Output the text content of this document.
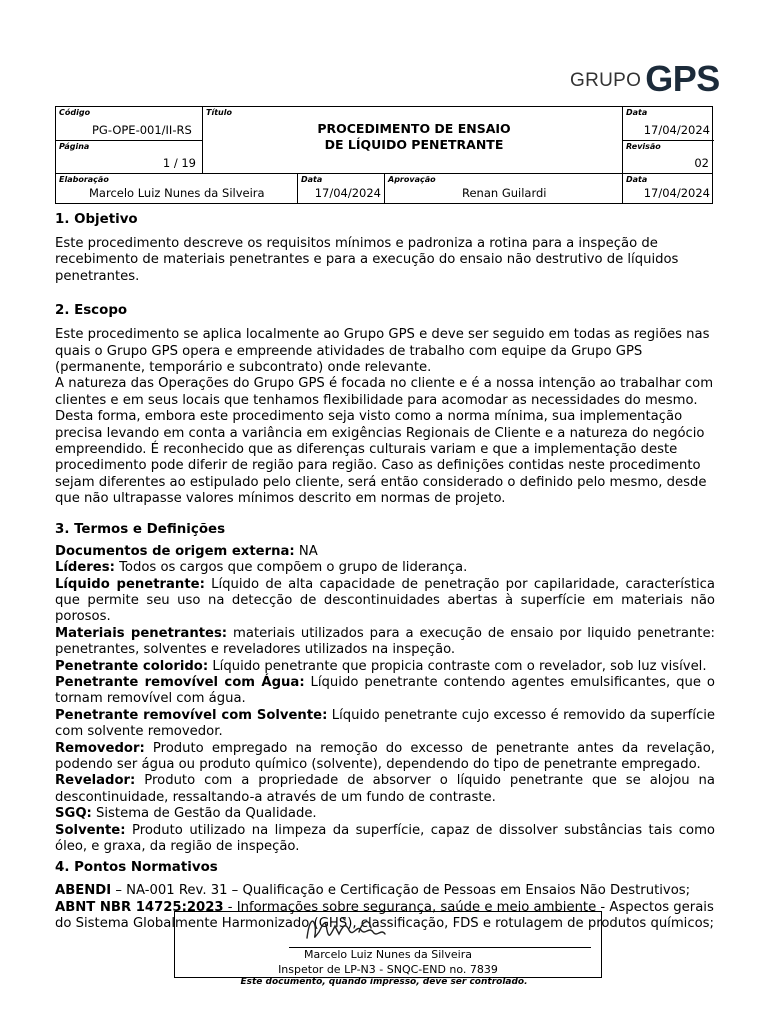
GRUPO GPS
Código
PG-OPE-001/II-RS
Página
1 / 19
Título
PROCEDIMENTO DE ENSAIO
DE LÍQUIDO PENETRANTE
Data
17/04/2024
Revisão
02
Elaboração
Marcelo Luiz Nunes da Silveira
Data
17/04/2024
Aprovação
Renan Guilardi
Data
17/04/2024
1. Objetivo

Este procedimento descreve os requisitos mínimos e padroniza a rotina para a inspeção de recebimento de materiais penetrantes e para a execução do ensaio não destrutivo de líquidos penetrantes.

2. Escopo

Este procedimento se aplica localmente ao Grupo GPS e deve ser seguido em todas as regiões nas quais o Grupo GPS opera e empreende atividades de trabalho com equipe da Grupo GPS (permanente, temporário e subcontrato) onde relevante.

A natureza das Operações do Grupo GPS é focada no cliente e é a nossa intenção ao trabalhar com clientes e em seus locais que tenhamos flexibilidade para acomodar as necessidades do mesmo. Desta forma, embora este procedimento seja visto como a norma mínima, sua implementação precisa levando em conta a variância em exigências Regionais de Cliente e a natureza do negócio empreendido. É reconhecido que as diferenças culturais variam e que a implementação deste procedimento pode diferir de região para região. Caso as definições contidas neste procedimento sejam diferentes ao estipulado pelo cliente, será então considerado o definido pelo mesmo, desde que não ultrapasse valores mínimos descrito em normas de projeto.

3. Termos e Definições

Documentos de origem externa: NA

Líderes: Todos os cargos que compõem o grupo de liderança.

Líquido penetrante: Líquido de alta capacidade de penetração por capilaridade, característica que permite seu uso na detecção de descontinuidades abertas à superfície em materiais não porosos.

Materiais penetrantes: materiais utilizados para a execução de ensaio por liquido penetrante: penetrantes, solventes e reveladores utilizados na inspeção.

Penetrante colorido: Líquido penetrante que propicia contraste com o revelador, sob luz visível.

Penetrante removível com Água: Líquido penetrante contendo agentes emulsificantes, que o tornam removível com água.

Penetrante removível com Solvente: Líquido penetrante cujo excesso é removido da superfície com solvente removedor.

Removedor: Produto empregado na remoção do excesso de penetrante antes da revelação, podendo ser água ou produto químico (solvente), dependendo do tipo de penetrante empregado.

Revelador: Produto com a propriedade de absorver o líquido penetrante que se alojou na descontinuidade, ressaltando-a através de um fundo de contraste.

SGQ: Sistema de Gestão da Qualidade.

Solvente: Produto utilizado na limpeza da superfície, capaz de dissolver substâncias tais como óleo, e graxa, da região de inspeção.

4. Pontos Normativos

ABENDI – NA-001 Rev. 31 – Qualificação e Certificação de Pessoas em Ensaios Não Destrutivos;

ABNT NBR 14725:2023 - Informações sobre segurança, saúde e meio ambiente - Aspectos gerais do Sistema Globalmente Harmonizado (GHS), classificação, FDS e rotulagem de produtos químicos;

Marcelo Luiz Nunes da Silveira
Inspetor de LP-N3 - SNQC-END no. 7839
Este documento, quando impresso, deve ser controlado.
